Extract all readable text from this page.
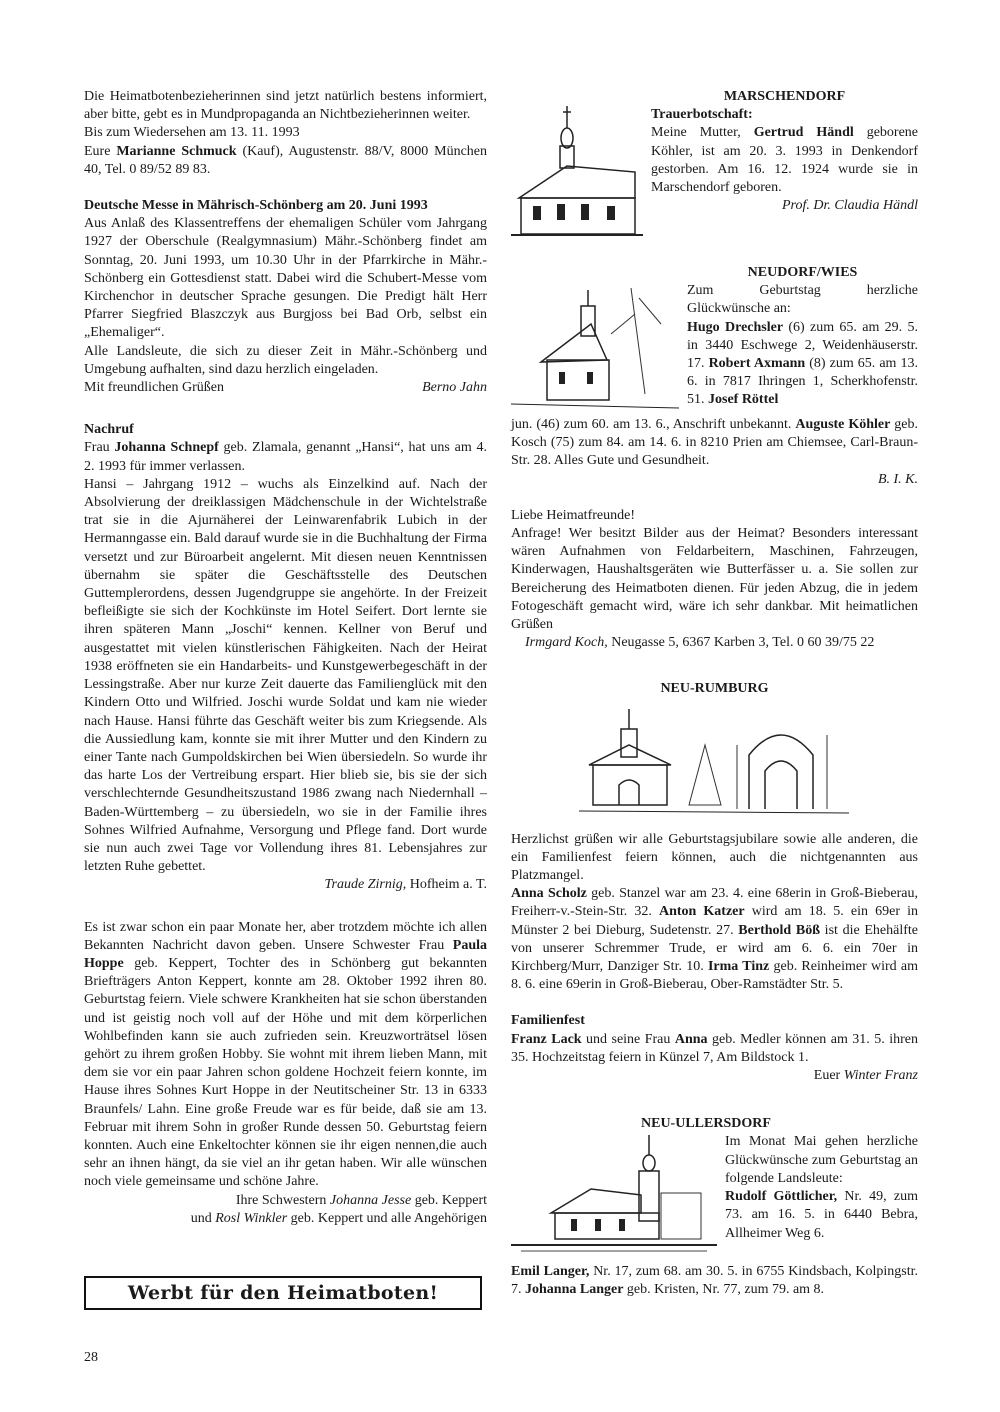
Die Heimatbotenbezieherinnen sind jetzt natürlich bestens informiert, aber bitte, gebt es in Mundpropaganda an Nichtbezieherinnen weiter.

Bis zum Wiedersehen am 13. 11. 1993

Eure Marianne Schmuck (Kauf), Augustenstr. 88/V, 8000 München 40, Tel. 0 89/52 89 83.

Deutsche Messe in Mährisch-Schönberg am 20. Juni 1993

Aus Anlaß des Klassentreffens der ehemaligen Schüler vom Jahrgang 1927 der Oberschule (Realgymnasium) Mähr.-Schönberg findet am Sonntag, 20. Juni 1993, um 10.30 Uhr in der Pfarrkirche in Mähr.-Schönberg ein Gottesdienst statt. Dabei wird die Schubert-Messe vom Kirchenchor in deutscher Sprache gesungen. Die Predigt hält Herr Pfarrer Siegfried Blaszczyk aus Burgjoss bei Bad Orb, selbst ein „Ehemaliger“.

Alle Landsleute, die sich zu dieser Zeit in Mähr.-Schönberg und Umgebung aufhalten, sind dazu herzlich eingeladen.

Mit freundlichen Grüßen	Berno Jahn

Nachruf

Frau Johanna Schnepf geb. Zlamala, genannt „Hansi“, hat uns am 4. 2. 1993 für immer verlassen.

Hansi – Jahrgang 1912 – wuchs als Einzelkind auf. Nach der Absolvierung der dreiklassigen Mädchenschule in der Wichtelstraße trat sie in die Ajurnäherei der Leinwarenfabrik Lubich in der Hermanngasse ein. Bald darauf wurde sie in die Buchhaltung der Firma versetzt und zur Büroarbeit angelernt. Mit diesen neuen Kenntnissen übernahm sie später die Geschäftsstelle des Deutschen Guttemplerordens, dessen Jugendgruppe sie angehörte. In der Freizeit befleißigte sie sich der Kochkünste im Hotel Seifert. Dort lernte sie ihren späteren Mann „Joschi“ kennen. Kellner von Beruf und ausgestattet mit vielen künstlerischen Fähigkeiten. Nach der Heirat 1938 eröffneten sie ein Handarbeits- und Kunstgewerbegeschäft in der Lessingstraße. Aber nur kurze Zeit dauerte das Familienglück mit den Kindern Otto und Wilfried. Joschi wurde Soldat und kam nie wieder nach Hause. Hansi führte das Geschäft weiter bis zum Kriegsende. Als die Aussiedlung kam, konnte sie mit ihrer Mutter und den Kindern zu einer Tante nach Gumpoldskirchen bei Wien übersiedeln. So wurde ihr das harte Los der Vertreibung erspart. Hier blieb sie, bis sie der sich verschlechternde Gesundheitszustand 1986 zwang nach Niedernhall – Baden-Württemberg – zu übersiedeln, wo sie in der Familie ihres Sohnes Wilfried Aufnahme, Versorgung und Pflege fand. Dort wurde sie nun auch zwei Tage vor Vollendung ihres 81. Lebensjahres zur letzten Ruhe gebettet.

Traude Zirnig, Hofheim a. T.

Es ist zwar schon ein paar Monate her, aber trotzdem möchte ich allen Bekannten Nachricht davon geben. Unsere Schwester Frau Paula Hoppe geb. Keppert, Tochter des in Schönberg gut bekannten Briefträgers Anton Keppert, konnte am 28. Oktober 1992 ihren 80. Geburtstag feiern. Viele schwere Krankheiten hat sie schon überstanden und ist geistig noch voll auf der Höhe und mit dem körperlichen Wohlbefinden kann sie auch zufrieden sein. Kreuzworträtsel lösen gehört zu ihrem großen Hobby. Sie wohnt mit ihrem lieben Mann, mit dem sie vor ein paar Jahren schon goldene Hochzeit feiern konnte, im Hause ihres Sohnes Kurt Hoppe in der Neutitscheiner Str. 13 in 6333 Braunfels/ Lahn. Eine große Freude war es für beide, daß sie am 13. Februar mit ihrem Sohn in großer Runde dessen 50. Geburtstag feiern konnten. Auch eine Enkeltochter können sie ihr eigen nennen,die auch sehr an ihnen hängt, da sie viel an ihr getan haben. Wir alle wünschen noch viele gemeinsame und schöne Jahre.

Ihre Schwestern Johanna Jesse geb. Keppert

und Rosl Winkler geb. Keppert und alle Angehörigen

Werbt für den Heimatboten!
28

MARSCHENDORF

Trauerbotschaft:

Meine Mutter, Gertrud Händl geborene Köhler, ist am 20. 3. 1993 in Denkendorf gestorben. Am 16. 12. 1924 wurde sie in Marschendorf geboren.

Prof. Dr. Claudia Händl

NEUDORF/WIES

Zum Geburtstag herzliche Glückwünsche an:

Hugo Drechsler (6) zum 65. am 29. 5. in 3440 Eschwege 2, Weidenhäuserstr. 17. Robert Axmann (8) zum 65. am 13. 6. in 7817 Ihringen 1, Scherkhofenstr. 51. Josef Röttel

jun. (46) zum 60. am 13. 6., Anschrift unbekannt. Auguste Köhler geb. Kosch (75) zum 84. am 14. 6. in 8210 Prien am Chiemsee, Carl-Braun-Str. 28. Alles Gute und Gesundheit.

B. I. K.

Liebe Heimatfreunde!

Anfrage! Wer besitzt Bilder aus der Heimat? Besonders interessant wären Aufnahmen von Feldarbeitern, Maschinen, Fahrzeugen, Kinderwagen, Haushaltsgeräten wie Butterfässer u. a. Sie sollen zur Bereicherung des Heimatboten dienen. Für jeden Abzug, die in jedem Fotogeschäft gemacht wird, wäre ich sehr dankbar. Mit heimatlichen Grüßen

Irmgard Koch, Neugasse 5, 6367 Karben 3, Tel. 0 60 39/75 22

NEU-RUMBURG

Herzlichst grüßen wir alle Geburtstagsjubilare sowie alle anderen, die ein Familienfest feiern können, auch die nichtgenannten aus Platzmangel.

Anna Scholz geb. Stanzel war am 23. 4. eine 68erin in Groß-Bieberau, Freiherr-v.-Stein-Str. 32. Anton Katzer wird am 18. 5. ein 69er in Münster 2 bei Dieburg, Sudetenstr. 27. Berthold Böß ist die Ehehälfte von unserer Schremmer Trude, er wird am 6. 6. ein 70er in Kirchberg/Murr, Danziger Str. 10. Irma Tinz geb. Reinheimer wird am 8. 6. eine 69erin in Groß-Bieberau, Ober-Ramstädter Str. 5.

Familienfest

Franz Lack und seine Frau Anna geb. Medler können am 31. 5. ihren 35. Hochzeitstag feiern in Künzel 7, Am Bildstock 1.

Euer Winter Franz

NEU-ULLERSDORF

Im Monat Mai gehen herzliche Glückwünsche zum Geburtstag an folgende Landsleute:

Rudolf Göttlicher, Nr. 49, zum 73. am 16. 5. in 6440 Bebra, Allheimer Weg 6.

Emil Langer, Nr. 17, zum 68. am 30. 5. in 6755 Kindsbach, Kolpingstr. 7. Johanna Langer geb. Kristen, Nr. 77, zum 79. am 8.
